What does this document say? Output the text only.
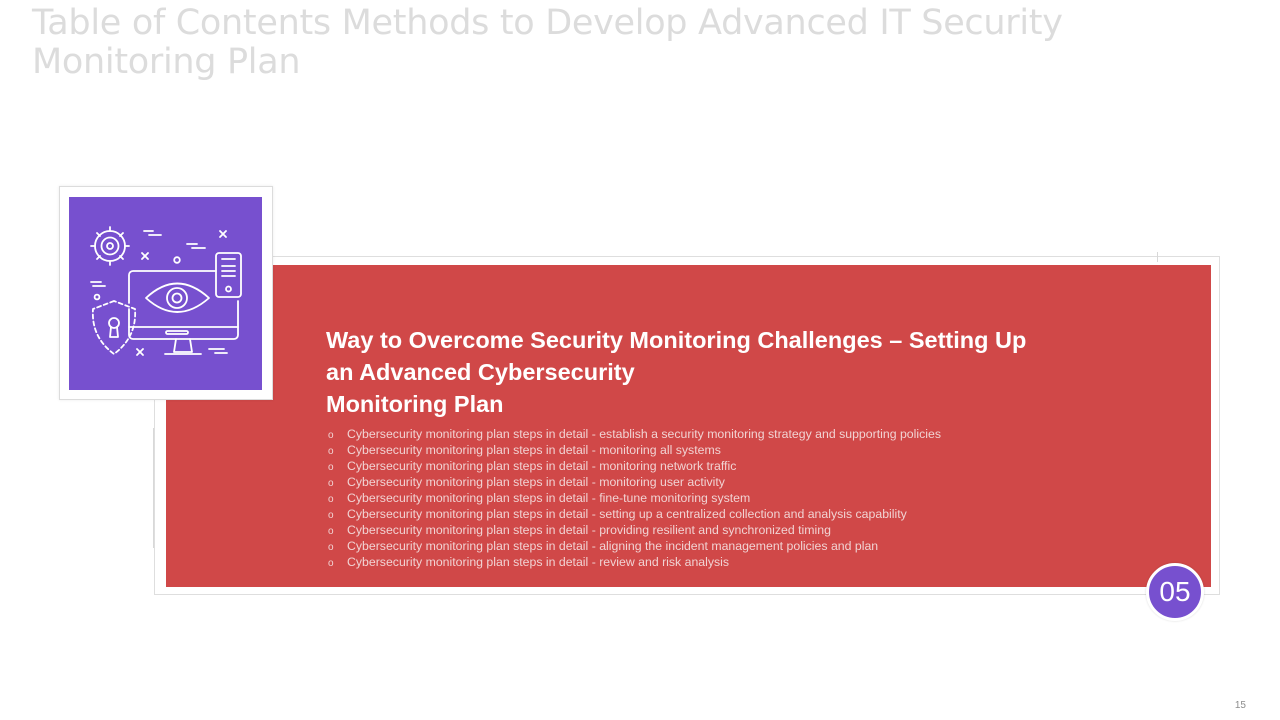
Table of Contents Methods to Develop Advanced IT Security Monitoring Plan
Way to Overcome Security Monitoring Challenges – Setting Up
an Advanced Cybersecurity
Monitoring Plan
o Cybersecurity monitoring plan steps in detail - establish a security monitoring strategy and supporting policies
o Cybersecurity monitoring plan steps in detail - monitoring all systems
o Cybersecurity monitoring plan steps in detail - monitoring network traffic
o Cybersecurity monitoring plan steps in detail - monitoring user activity
o Cybersecurity monitoring plan steps in detail - fine-tune monitoring system
o Cybersecurity monitoring plan steps in detail - setting up a centralized collection and analysis capability
o Cybersecurity monitoring plan steps in detail - providing resilient and synchronized timing
o Cybersecurity monitoring plan steps in detail - aligning the incident management policies and plan
o Cybersecurity monitoring plan steps in detail - review and risk analysis
05
15
